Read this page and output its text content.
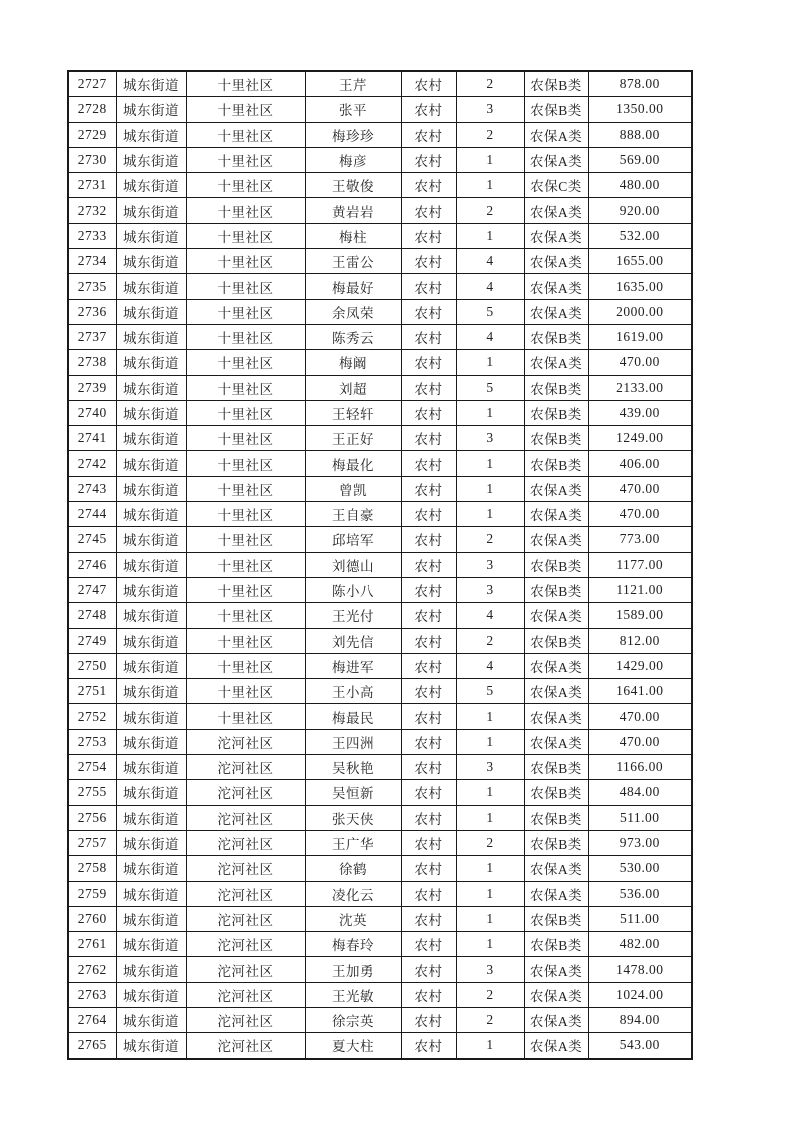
2727	城东街道	十里社区	王芹	农村	2	农保B类	878.00
2728	城东街道	十里社区	张平	农村	3	农保B类	1350.00
2729	城东街道	十里社区	梅珍珍	农村	2	农保A类	888.00
2730	城东街道	十里社区	梅彦	农村	1	农保A类	569.00
2731	城东街道	十里社区	王敬俊	农村	1	农保C类	480.00
2732	城东街道	十里社区	黄岩岩	农村	2	农保A类	920.00
2733	城东街道	十里社区	梅柱	农村	1	农保A类	532.00
2734	城东街道	十里社区	王雷公	农村	4	农保A类	1655.00
2735	城东街道	十里社区	梅最好	农村	4	农保A类	1635.00
2736	城东街道	十里社区	余凤荣	农村	5	农保A类	2000.00
2737	城东街道	十里社区	陈秀云	农村	4	农保B类	1619.00
2738	城东街道	十里社区	梅阚	农村	1	农保A类	470.00
2739	城东街道	十里社区	刘超	农村	5	农保B类	2133.00
2740	城东街道	十里社区	王轻轩	农村	1	农保B类	439.00
2741	城东街道	十里社区	王正好	农村	3	农保B类	1249.00
2742	城东街道	十里社区	梅最化	农村	1	农保B类	406.00
2743	城东街道	十里社区	曾凯	农村	1	农保A类	470.00
2744	城东街道	十里社区	王自豪	农村	1	农保A类	470.00
2745	城东街道	十里社区	邱培军	农村	2	农保A类	773.00
2746	城东街道	十里社区	刘德山	农村	3	农保B类	1177.00
2747	城东街道	十里社区	陈小八	农村	3	农保B类	1121.00
2748	城东街道	十里社区	王光付	农村	4	农保A类	1589.00
2749	城东街道	十里社区	刘先信	农村	2	农保B类	812.00
2750	城东街道	十里社区	梅进军	农村	4	农保A类	1429.00
2751	城东街道	十里社区	王小高	农村	5	农保A类	1641.00
2752	城东街道	十里社区	梅最民	农村	1	农保A类	470.00
2753	城东街道	沱河社区	王四洲	农村	1	农保A类	470.00
2754	城东街道	沱河社区	吴秋艳	农村	3	农保B类	1166.00
2755	城东街道	沱河社区	吴恒新	农村	1	农保B类	484.00
2756	城东街道	沱河社区	张天侠	农村	1	农保B类	511.00
2757	城东街道	沱河社区	王广华	农村	2	农保B类	973.00
2758	城东街道	沱河社区	徐鹤	农村	1	农保A类	530.00
2759	城东街道	沱河社区	凌化云	农村	1	农保A类	536.00
2760	城东街道	沱河社区	沈英	农村	1	农保B类	511.00
2761	城东街道	沱河社区	梅春玲	农村	1	农保B类	482.00
2762	城东街道	沱河社区	王加勇	农村	3	农保A类	1478.00
2763	城东街道	沱河社区	王光敏	农村	2	农保A类	1024.00
2764	城东街道	沱河社区	徐宗英	农村	2	农保A类	894.00
2765	城东街道	沱河社区	夏大柱	农村	1	农保A类	543.00
